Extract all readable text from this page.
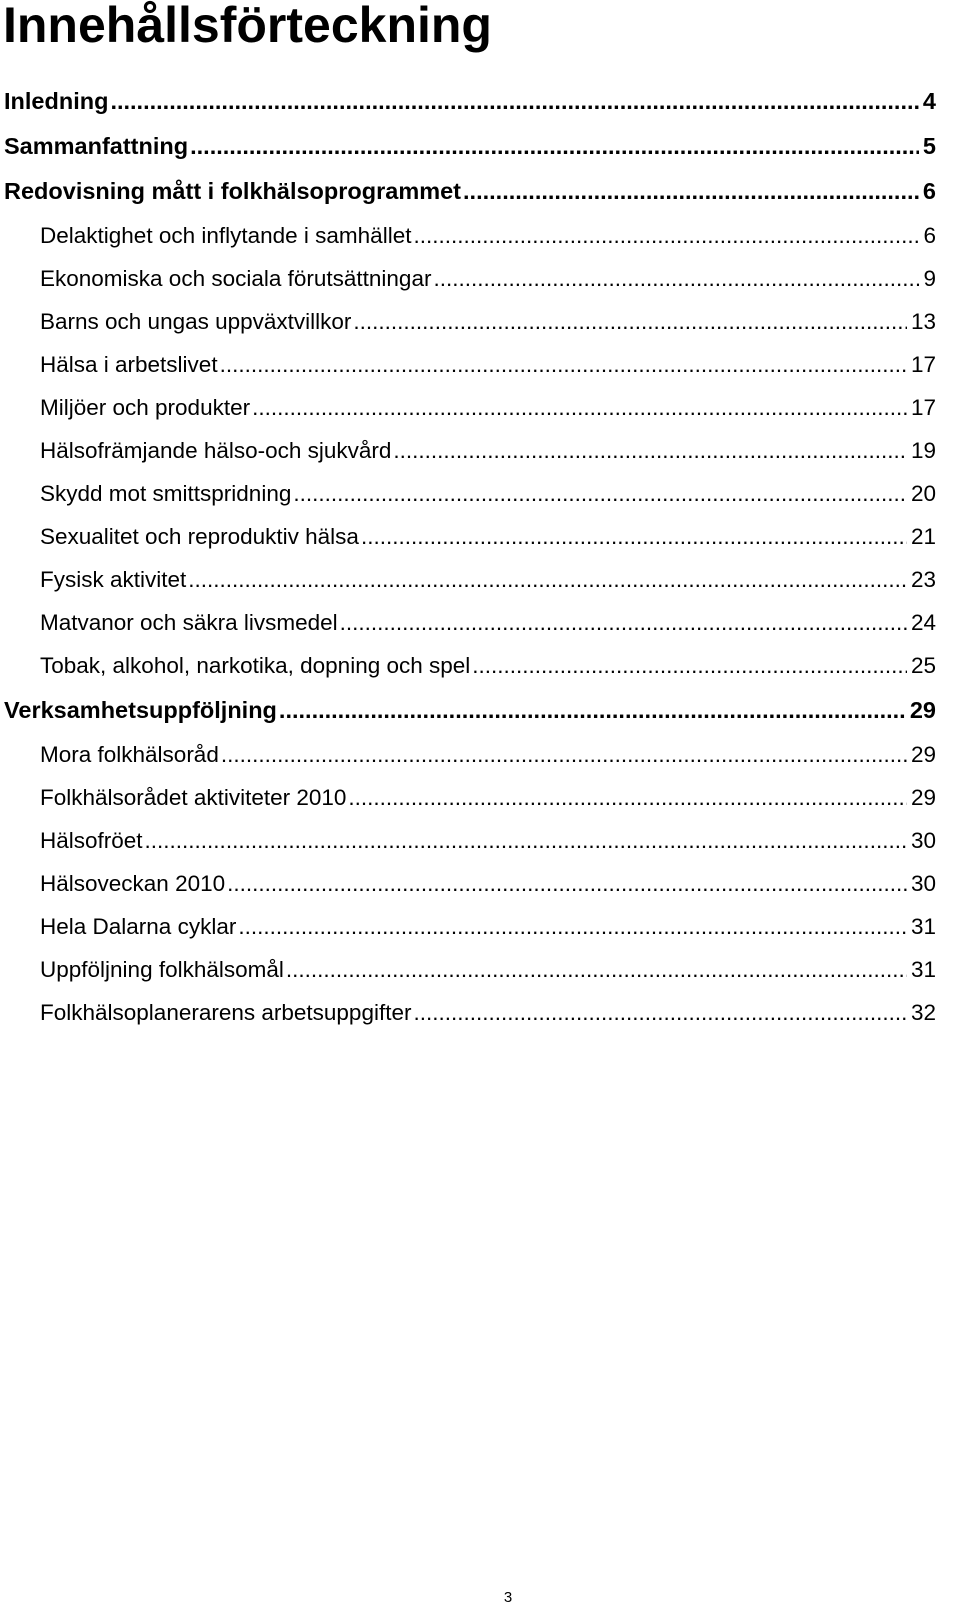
Innehållsförteckning
Inledning .....	4
Sammanfattning .....	5
Redovisning mått i folkhälsoprogrammet .....	6
Delaktighet och inflytande i samhället .....	6
Ekonomiska och sociala förutsättningar .....	9
Barns och ungas uppväxtvillkor .....	13
Hälsa i arbetslivet .....	17
Miljöer och produkter .....	17
Hälsofrämjande hälso-och sjukvård .....	19
Skydd mot smittspridning .....	20
Sexualitet och reproduktiv hälsa .....	21
Fysisk aktivitet .....	23
Matvanor och säkra livsmedel .....	24
Tobak, alkohol, narkotika, dopning och spel .....	25
Verksamhetsuppföljning .....	29
Mora folkhälsoråd .....	29
Folkhälsorådet aktiviteter 2010 .....	29
Hälsofröet .....	30
Hälsoveckan 2010 .....	30
Hela Dalarna cyklar .....	31
Uppföljning folkhälsomål .....	31
Folkhälsoplanerarens arbetsuppgifter .....	32
3
